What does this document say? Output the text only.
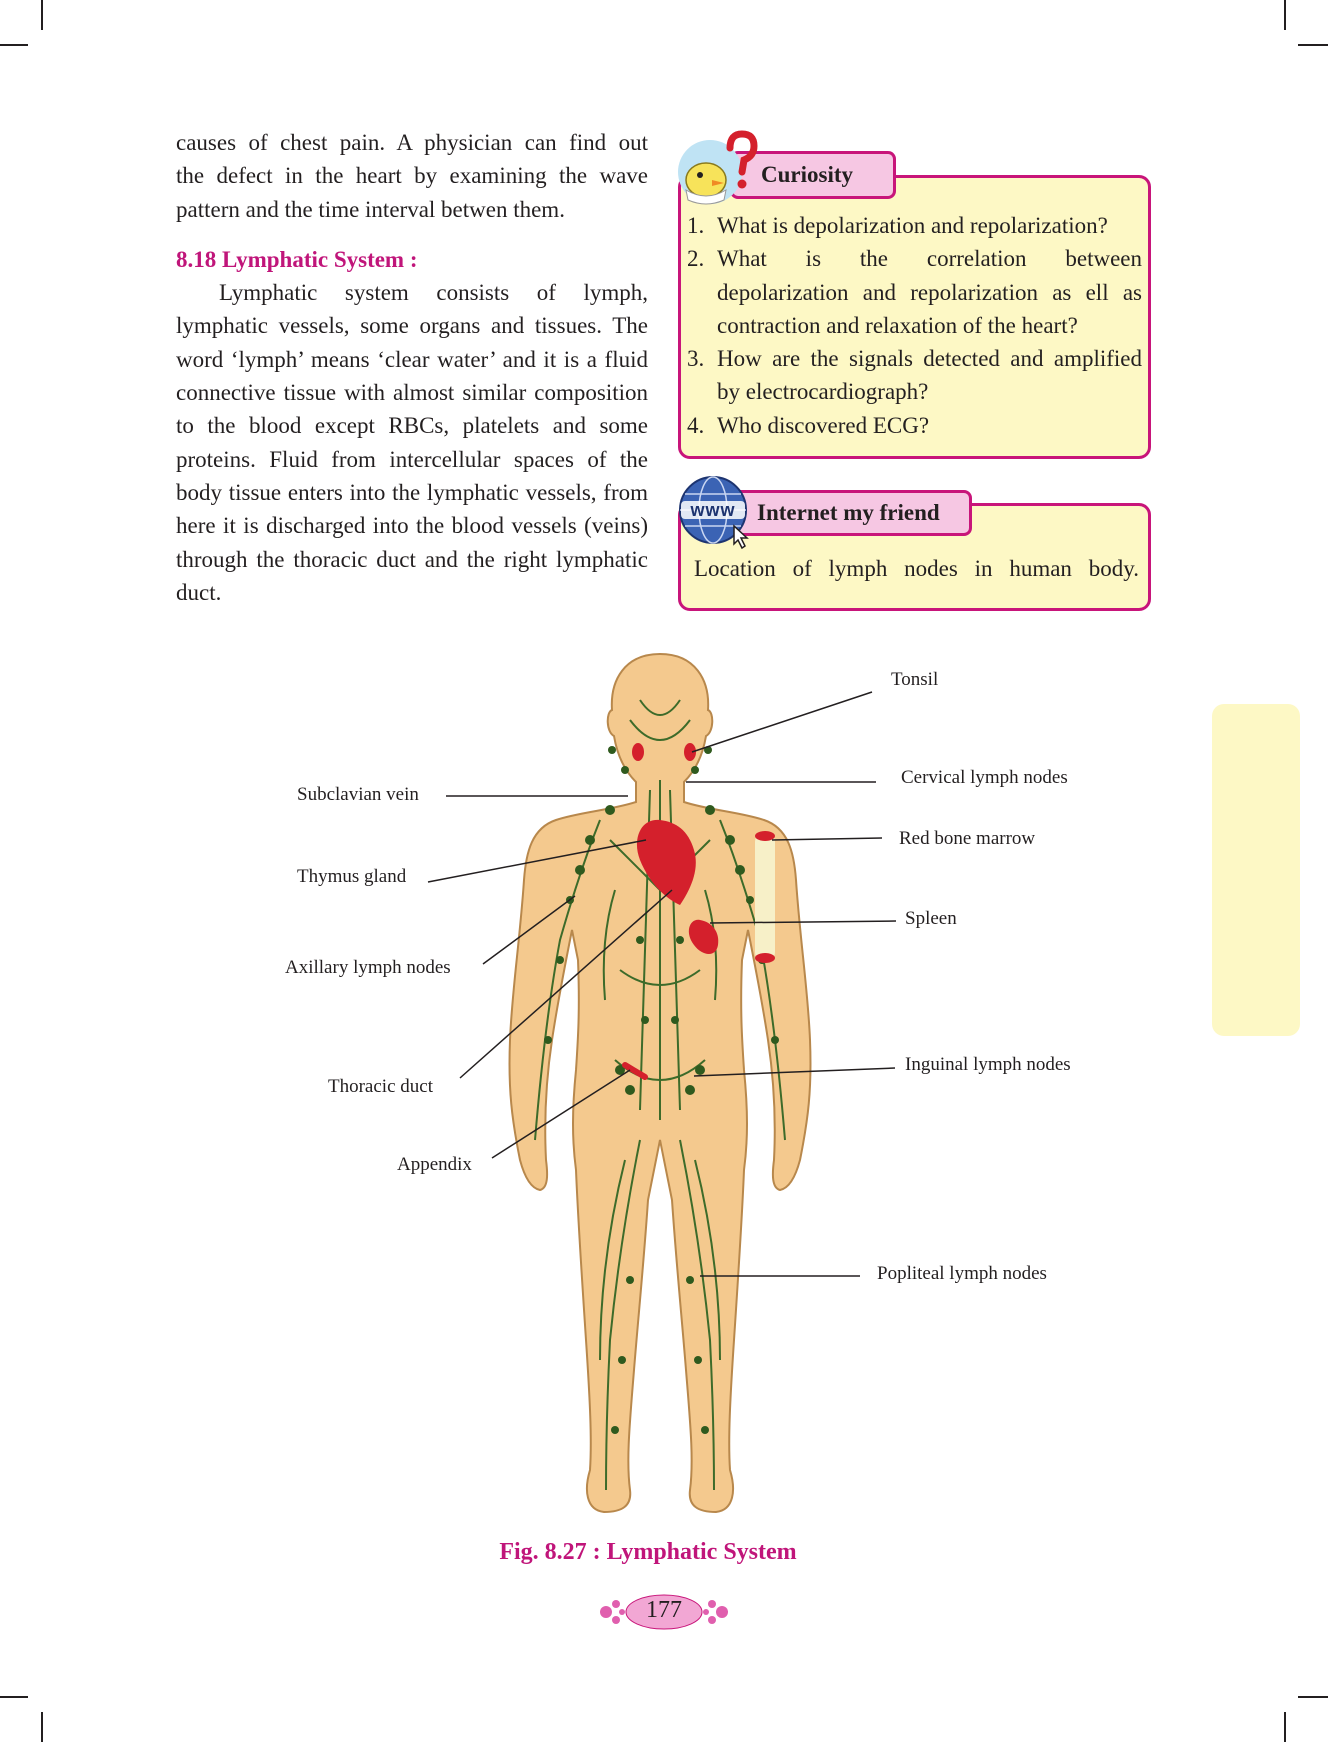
causes of chest pain. A physician can find out
the defect in the heart by examining the wave
pattern and the time interval betwen them.
8.18 Lymphatic System :

Lymphatic system consists of lymph, lymphatic vessels, some organs and tissues. The word ‘lymph’ means ‘clear water’ and it is a fluid connective tissue with almost similar composition to the blood except RBCs, platelets and some proteins. Fluid from intercellular spaces of the body tissue enters into the lymphatic vessels, from here it is discharged into the blood vessels (veins) through the thoracic duct and the right lymphatic duct.

1. What is depolarization and repolarization?
2. What is the correlation between depolarization and repolarization as ell as contraction and relaxation of the heart?
3. How are the signals detected and amplified by electrocardiograph?
4. Who discovered ECG?
Curiosity
Location of lymph nodes in human body.
Internet my friend
www
Tonsil
Cervical lymph nodes
Subclavian vein
Red bone marrow
Thymus gland
Spleen
Axillary lymph nodes
Inguinal lymph nodes
Thoracic duct
Appendix
Popliteal lymph nodes
Fig. 8.27 : Lymphatic System
177
